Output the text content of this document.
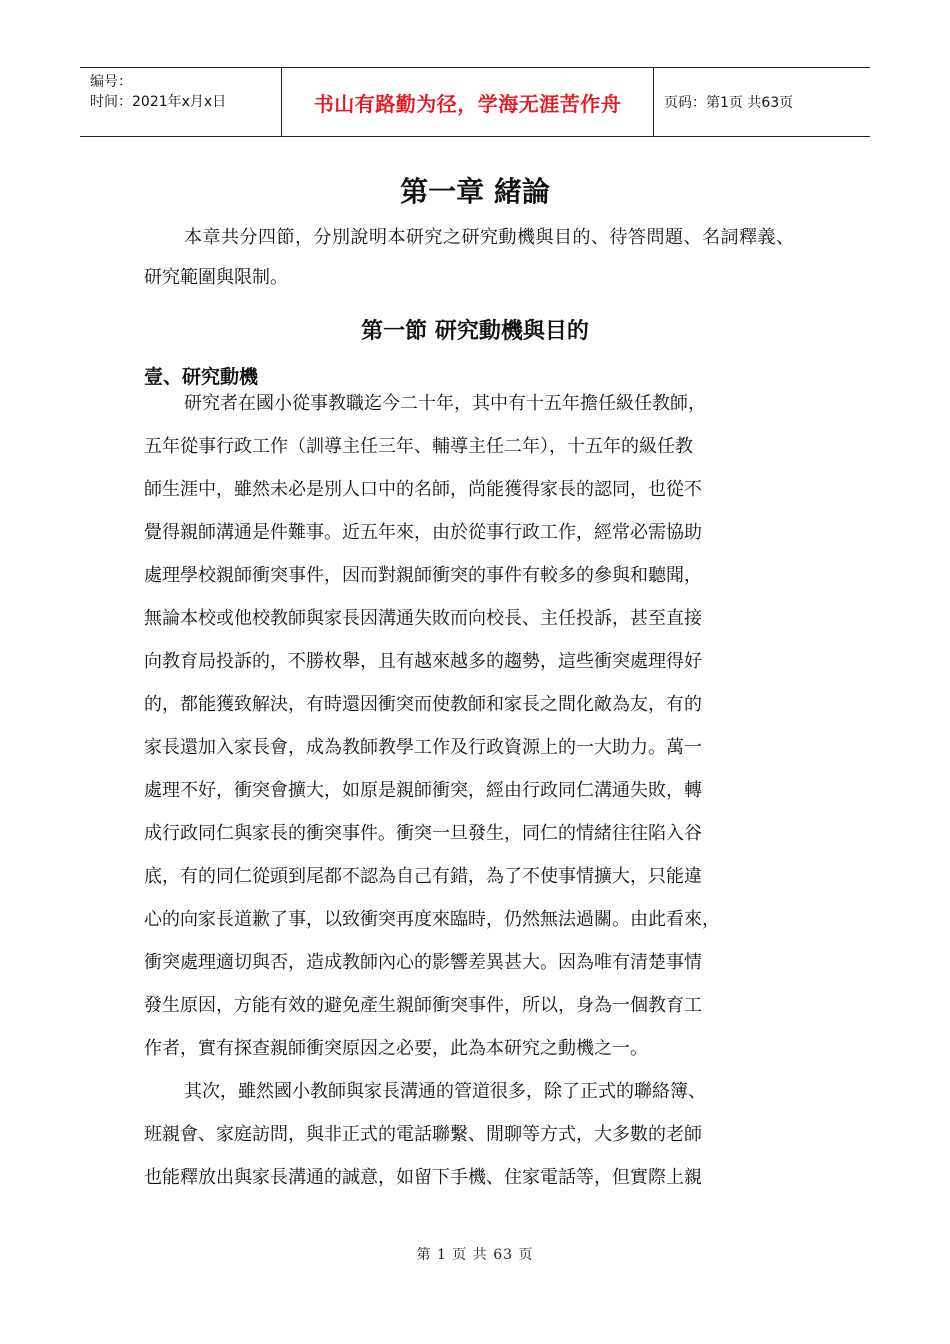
编号：
时间：2021年x月x日	书山有路勤为径，学海无涯苦作舟	页码：第1页 共63页
第一章 緒論
本章共分四節，分別說明本研究之研究動機與目的、待答問題、名詞釋義、研究範圍與限制。
第一節 研究動機與目的
壹、研究動機
研究者在國小從事教職迄今二十年，其中有十五年擔任級任教師，
五年從事行政工作（訓導主任三年、輔導主任二年），十五年的級任教
師生涯中，雖然未必是別人口中的名師，尚能獲得家長的認同，也從不
覺得親師溝通是件難事。近五年來，由於從事行政工作，經常必需協助
處理學校親師衝突事件，因而對親師衝突的事件有較多的參與和聽聞，
無論本校或他校教師與家長因溝通失敗而向校長、主任投訴，甚至直接
向教育局投訴的，不勝枚舉，且有越來越多的趨勢，這些衝突處理得好
的，都能獲致解決，有時還因衝突而使教師和家長之間化敵為友，有的
家長還加入家長會，成為教師教學工作及行政資源上的一大助力。萬一
處理不好，衝突會擴大，如原是親師衝突，經由行政同仁溝通失敗，轉
成行政同仁與家長的衝突事件。衝突一旦發生，同仁的情緒往往陷入谷
底，有的同仁從頭到尾都不認為自己有錯，為了不使事情擴大，只能違
心的向家長道歉了事，以致衝突再度來臨時，仍然無法過關。由此看來，
衝突處理適切與否，造成教師內心的影響差異甚大。因為唯有清楚事情
發生原因，方能有效的避免產生親師衝突事件，所以，身為一個教育工
作者，實有探查親師衝突原因之必要，此為本研究之動機之一。
其次，雖然國小教師與家長溝通的管道很多，除了正式的聯絡簿、
班親會、家庭訪問，與非正式的電話聯繫、閒聊等方式，大多數的老師
也能釋放出與家長溝通的誠意，如留下手機、住家電話等，但實際上親
第 1 页 共 63 页
